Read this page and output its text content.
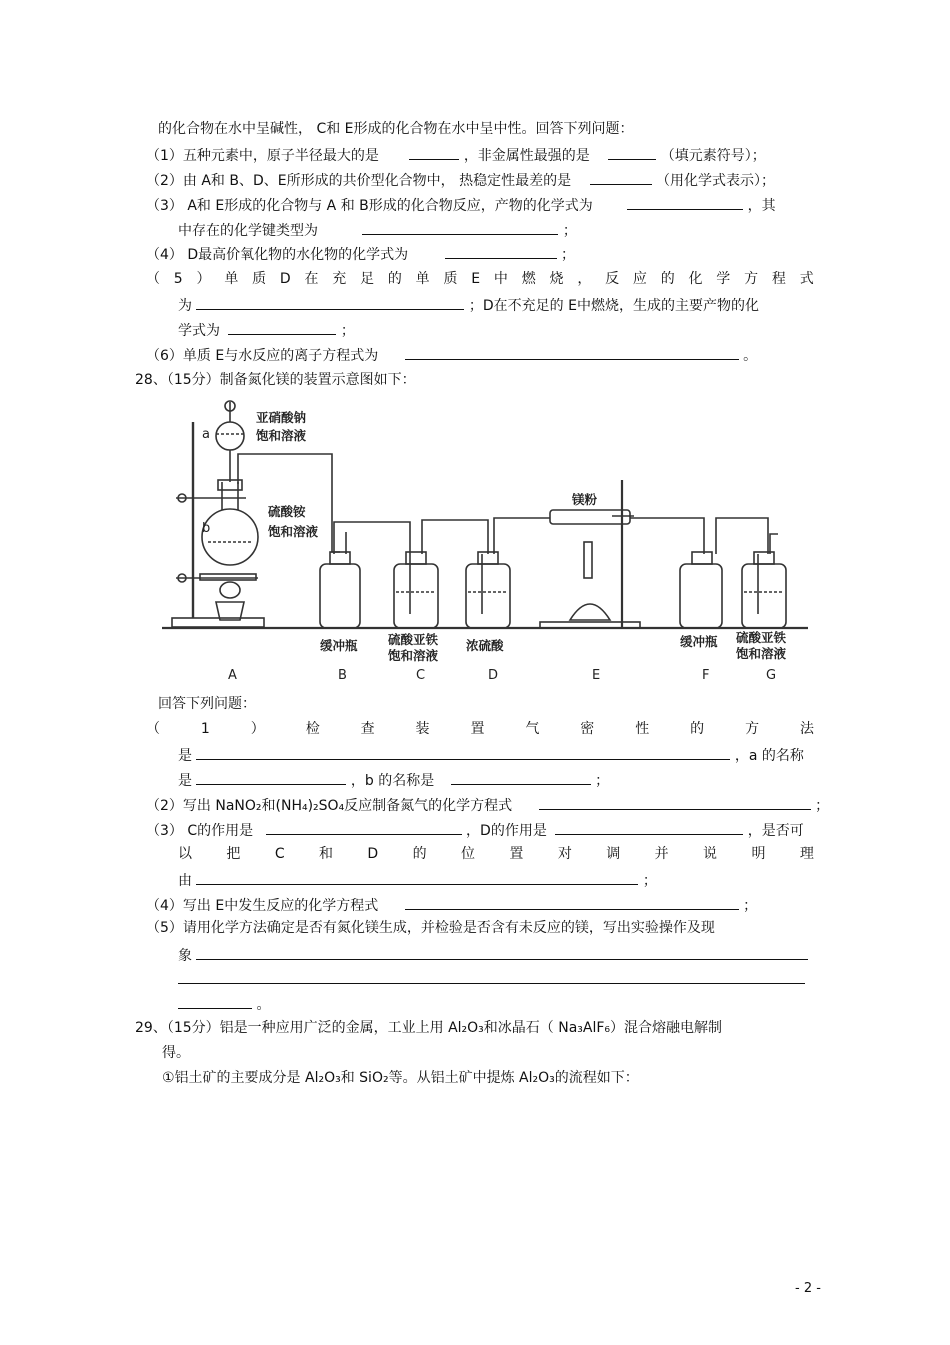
的化合物在水中呈碱性， C和 E形成的化合物在水中呈中性。回答下列问题：
（1）五种元素中，原子半径最大的是	，非金属性最强的是	（填元素符号）；
（2）由 A和 B、D、E所形成的共价型化合物中， 热稳定性最差的是	（用化学式表示）；
（3） A和 E形成的化合物与 A 和 B形成的化合物反应，产物的化学式为	，其
中存在的化学键类型为	；
（4） D最高价氧化物的水化物的化学式为	；
（ 5 ） 单 质 D 在 充 足 的 单 质 E 中 燃 烧 ， 反 应 的 化 学 方 程 式
为	；D在不充足的 E中燃烧，生成的主要产物的化
学式为	；
（6）单质 E与水反应的离子方程式为	。
28、（15分）制备氮化镁的装置示意图如下：
亚硝酸钠
饱和溶液
a
b
硫酸铵
饱和溶液
镁粉
缓冲瓶 硫酸亚铁
饱和溶液
浓硫酸	缓冲瓶 硫酸亚铁
饱和溶液
A	B	C	D	E	F	G
回答下列问题：
（	1	）	检	查	装	置	气	密	性	的	方	法
是	，a 的名称
是	，b 的名称是	；
（2）写出 NaNO₂和(NH₄)₂SO₄反应制备氮气的化学方程式	；
（3） C的作用是	，D的作用是	，是否可
以 把 C 和 D 的 位 置 对 调 并 说 明 理
由	；
（4）写出 E中发生反应的化学方程式	；
（5）请用化学方法确定是否有氮化镁生成，并检验是否含有未反应的镁，写出实验操作及现
象
。
29、（15分）铝是一种应用广泛的金属，工业上用 Al₂O₃和冰晶石（ Na₃AlF₆）混合熔融电解制
得。
①铝土矿的主要成分是 Al₂O₃和 SiO₂等。从铝土矿中提炼 Al₂O₃的流程如下：
- 2 -
